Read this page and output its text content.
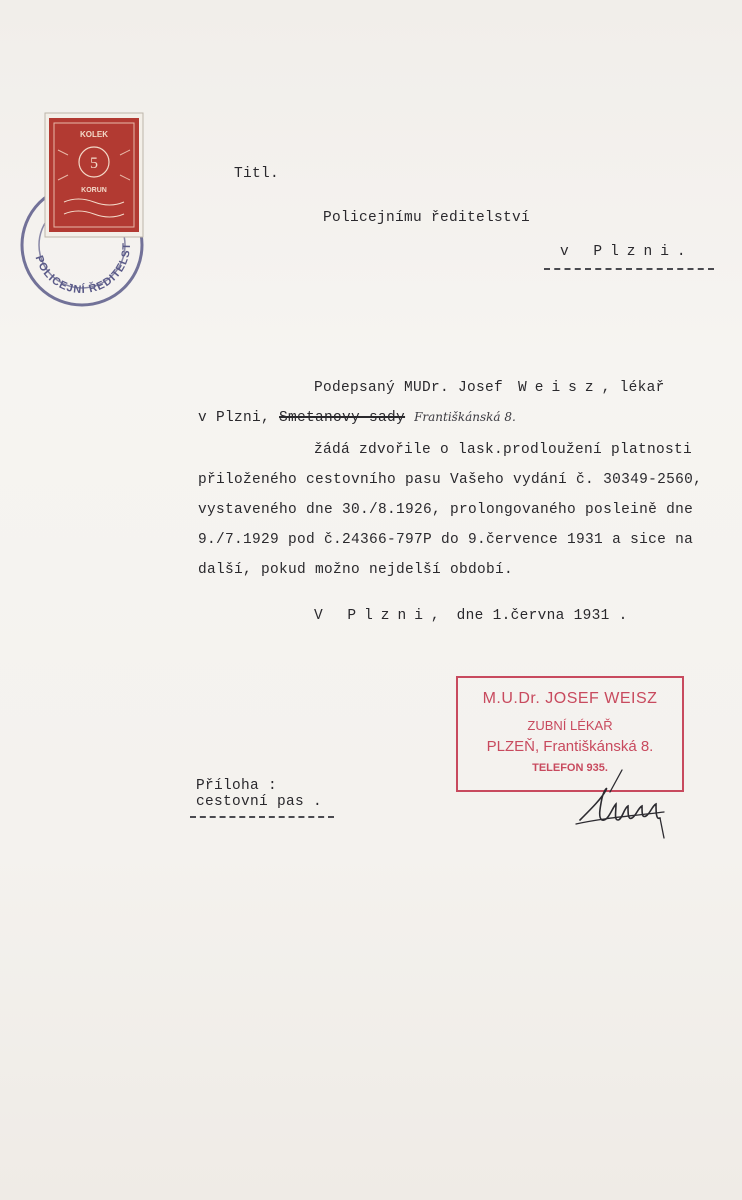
POLICEJNÍ ŘEDITELST
KOLEK
5
KORUN
Titl.
Policejnímu ředitelství
v Plzni.
Podepsaný MUDr. Josef Weisz, lékař
v Plzni, Smetanovy sady Františkánská 8.
žádá zdvořile o lask.prodloužení platnosti
přiloženého cestovního pasu Vašeho vydání č. 30349-2560,
vystaveného dne 30./8.1926, prolongovaného posleině dne
9./7.1929 pod č.24366-797P do 9.července 1931 a sice na
další, pokud možno nejdelší období.
V Plzni, dne 1.června 1931 .
M.U.Dr. JOSEF WEISZ
ZUBNÍ LÉKAŘ
PLZEŇ, Františkánská 8.
TELEFON 935.
Příloha :
cestovní pas .
